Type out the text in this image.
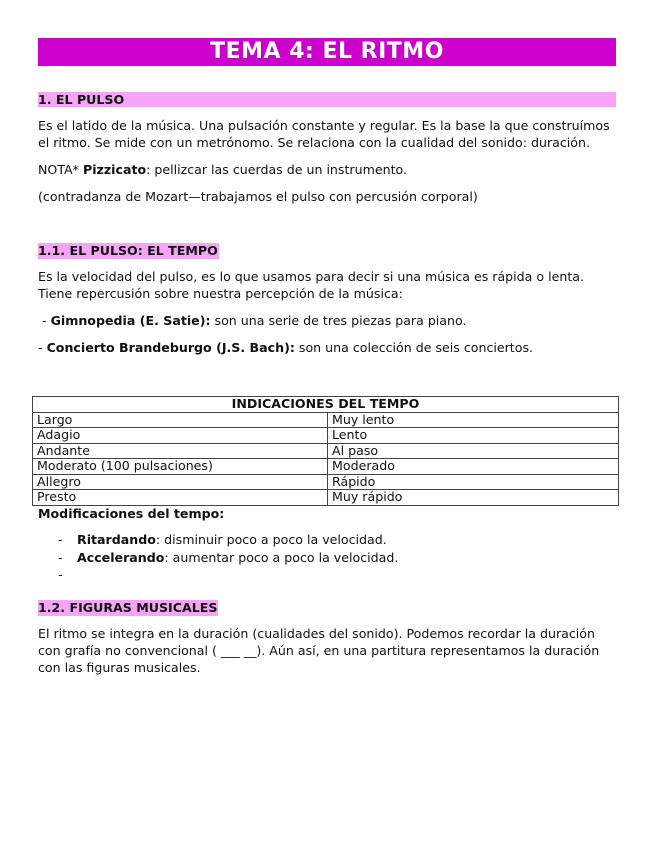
TEMA 4: EL RITMO
1. EL PULSO

Es el latido de la música. Una pulsación constante y regular. Es la base la que construímos el ritmo. Se mide con un metrónomo. Se relaciona con la cualidad del sonido: duración.

NOTA* Pizzicato: pellizcar las cuerdas de un instrumento.

(contradanza de Mozart—trabajamos el pulso con percusión corporal)

1.1. EL PULSO: EL TEMPO

Es la velocidad del pulso, es lo que usamos para decir si una música es rápida o lenta. Tiene repercusión sobre nuestra percepción de la música:

- Gimnopedia (E. Satie): son una serie de tres piezas para piano.

- Concierto Brandeburgo (J.S. Bach): son una colección de seis conciertos.

INDICACIONES DEL TEMPO	
Largo	Muy lento
Adagio	Lento
Andante	Al paso
Moderato (100 pulsaciones)	Moderado
Allegro	Rápido
Presto	Muy rápido

Modificaciones del tempo:

- Ritardando: disminuir poco a poco la velocidad.
- Accelerando: aumentar poco a poco la velocidad.
-

1.2. FIGURAS MUSICALES

El ritmo se integra en la duración (cualidades del sonido). Podemos recordar la duración con grafía no convencional ( ___ __). Aún así, en una partitura representamos la duración con las figuras musicales.
